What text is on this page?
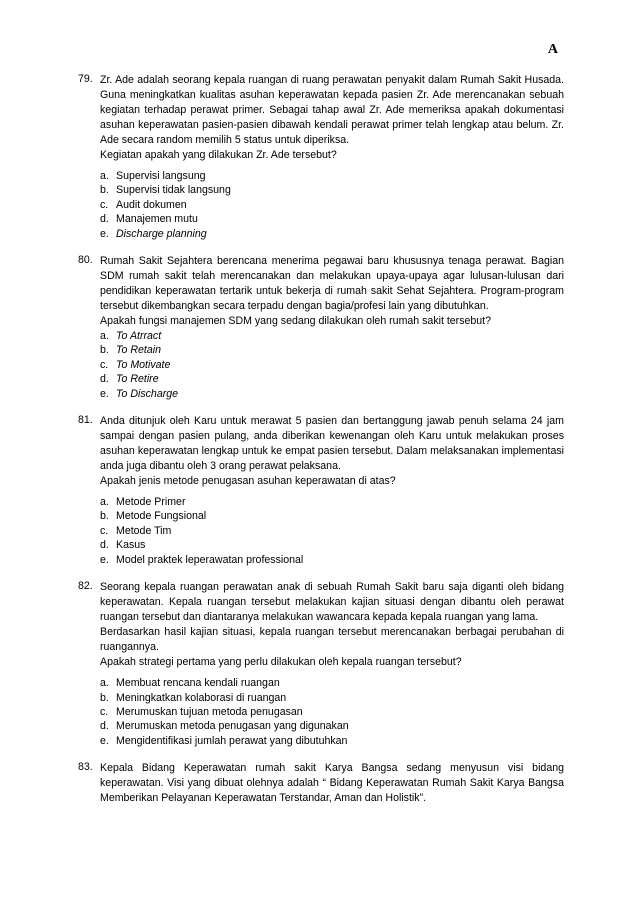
A
79. Zr. Ade adalah seorang kepala ruangan di ruang perawatan penyakit dalam Rumah Sakit Husada. Guna meningkatkan kualitas asuhan keperawatan kepada pasien Zr. Ade merencanakan sebuah kegiatan terhadap perawat primer. Sebagai tahap awal Zr. Ade memeriksa apakah dokumentasi asuhan keperawatan pasien-pasien dibawah kendali perawat primer telah lengkap atau belum. Zr. Ade secara random memilih 5 status untuk diperiksa.

Kegiatan apakah yang dilakukan Zr. Ade tersebut?

a. Supervisi langsung
b. Supervisi tidak langsung
c. Audit dokumen
d. Manajemen mutu
e. Discharge planning
80. Rumah Sakit Sejahtera berencana menerima pegawai baru khususnya tenaga perawat. Bagian SDM rumah sakit telah merencanakan dan melakukan upaya-upaya agar lulusan-lulusan dari pendidikan keperawatan tertarik untuk bekerja di rumah sakit Sehat Sejahtera. Program-program tersebut dikembangkan secara terpadu dengan bagia/profesi lain yang dibutuhkan.

Apakah fungsi manajemen SDM yang sedang dilakukan oleh rumah sakit tersebut?

a. To Atrract
b. To Retain
c. To Motivate
d. To Retire
e. To Discharge
81. Anda ditunjuk oleh Karu untuk merawat 5 pasien dan bertanggung jawab penuh selama 24 jam sampai dengan pasien pulang, anda diberikan kewenangan oleh Karu untuk melakukan proses asuhan keperawatan lengkap untuk ke empat pasien tersebut. Dalam melaksanakan implementasi anda juga dibantu oleh 3 orang perawat pelaksana.

Apakah jenis metode penugasan asuhan keperawatan di atas?

a. Metode Primer
b. Metode Fungsional
c. Metode Tim
d. Kasus
e. Model praktek leperawatan professional
82. Seorang kepala ruangan perawatan anak di sebuah Rumah Sakit baru saja diganti oleh bidang keperawatan. Kepala ruangan tersebut melakukan kajian situasi dengan dibantu oleh perawat ruangan tersebut dan diantaranya melakukan wawancara kepada kepala ruangan yang lama.

Berdasarkan hasil kajian situasi, kepala ruangan tersebut merencanakan berbagai perubahan di ruangannya.

Apakah strategi pertama yang perlu dilakukan oleh kepala ruangan tersebut?

a. Membuat rencana kendali ruangan
b. Meningkatkan kolaborasi di ruangan
c. Merumuskan tujuan metoda penugasan
d. Merumuskan metoda penugasan yang digunakan
e. Mengidentifikasi jumlah perawat yang dibutuhkan
83. Kepala Bidang Keperawatan rumah sakit Karya Bangsa sedang menyusun visi bidang keperawatan. Visi yang dibuat olehnya adalah “ Bidang Keperawatan Rumah Sakit Karya Bangsa Memberikan Pelayanan Keperawatan Terstandar, Aman dan Holistik”.
